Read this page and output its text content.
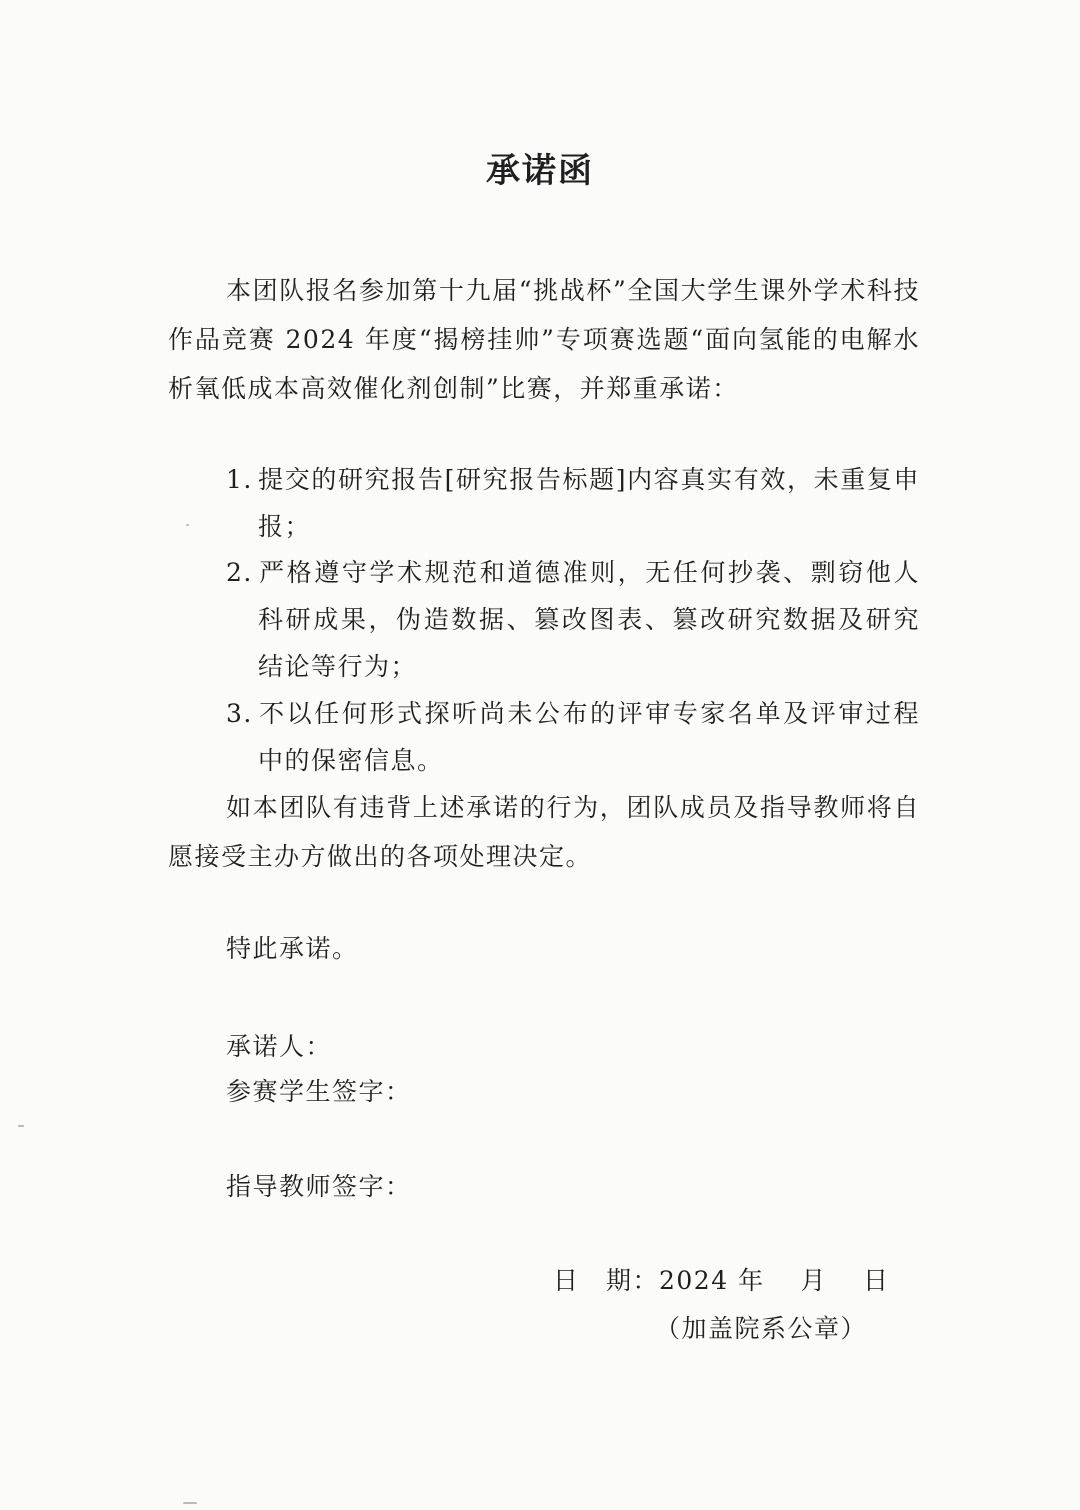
承诺函

本团队报名参加第十九届“挑战杯”全国大学生课外学术科技作品竞赛 2024 年度“揭榜挂帅”专项赛选题“面向氢能的电解水析氧低成本高效催化剂创制”比赛，并郑重承诺：

1. 提交的研究报告[研究报告标题]内容真实有效，未重复申报；

2. 严格遵守学术规范和道德准则，无任何抄袭、剽窃他人科研成果，伪造数据、篡改图表、篡改研究数据及研究结论等行为；

3. 不以任何形式探听尚未公布的评审专家名单及评审过程中的保密信息。

如本团队有违背上述承诺的行为，团队成员及指导教师将自愿接受主办方做出的各项处理决定。

特此承诺。
承诺人：
参赛学生签字：
指导教师签字：
日　期：2024 年　 月　 日
（加盖院系公章）
